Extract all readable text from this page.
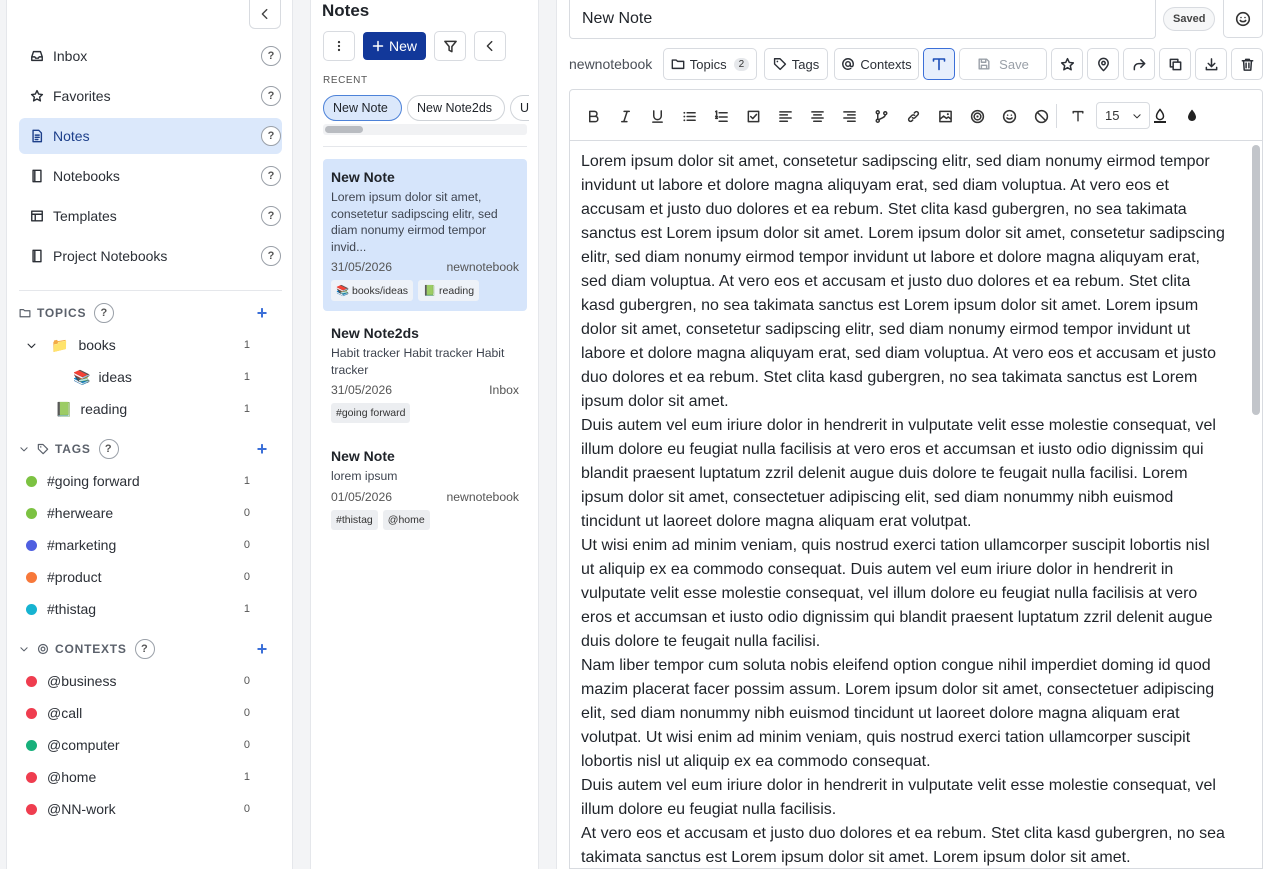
Inbox	?
Favorites	?
Notes	?
Notebooks	?
Templates	?
Project Notebooks	?
TOPICS	?	+
📁 books	1
📚 ideas	1
📗 reading	1
TAGS	?	+
#going forward	1
#herweare	0
#marketing	0
#product	0
#thistag	1
CONTEXTS	?	+
@business	0
@call	0
@computer	0
@home	1
@NN-work	0
Notes
New
RECENT
New Note	New Note2ds	U
New Note
Lorem ipsum dolor sit amet, consetetur sadipscing elitr, sed diam nonumy eirmod tempor invid...
31/05/2026	newnotebook
📚 books/ideas	📗 reading
New Note2ds
Habit tracker Habit tracker Habit tracker
31/05/2026	Inbox
#going forward
New Note
lorem ipsum
01/05/2026	newnotebook
#thistag	@home
New Note
Saved
newnotebook	Topics	2	Tags	Contexts	Save
15

Lorem ipsum dolor sit amet, consetetur sadipscing elitr, sed diam nonumy eirmod tempor invidunt ut labore et dolore magna aliquyam erat, sed diam voluptua. At vero eos et accusam et justo duo dolores et ea rebum. Stet clita kasd gubergren, no sea takimata sanctus est Lorem ipsum dolor sit amet. Lorem ipsum dolor sit amet, consetetur sadipscing elitr, sed diam nonumy eirmod tempor invidunt ut labore et dolore magna aliquyam erat, sed diam voluptua. At vero eos et accusam et justo duo dolores et ea rebum. Stet clita kasd gubergren, no sea takimata sanctus est Lorem ipsum dolor sit amet. Lorem ipsum dolor sit amet, consetetur sadipscing elitr, sed diam nonumy eirmod tempor invidunt ut labore et dolore magna aliquyam erat, sed diam voluptua. At vero eos et accusam et justo duo dolores et ea rebum. Stet clita kasd gubergren, no sea takimata sanctus est Lorem ipsum dolor sit amet.

Duis autem vel eum iriure dolor in hendrerit in vulputate velit esse molestie consequat, vel illum dolore eu feugiat nulla facilisis at vero eros et accumsan et iusto odio dignissim qui blandit praesent luptatum zzril delenit augue duis dolore te feugait nulla facilisi. Lorem ipsum dolor sit amet, consectetuer adipiscing elit, sed diam nonummy nibh euismod tincidunt ut laoreet dolore magna aliquam erat volutpat.

Ut wisi enim ad minim veniam, quis nostrud exerci tation ullamcorper suscipit lobortis nisl ut aliquip ex ea commodo consequat. Duis autem vel eum iriure dolor in hendrerit in vulputate velit esse molestie consequat, vel illum dolore eu feugiat nulla facilisis at vero eros et accumsan et iusto odio dignissim qui blandit praesent luptatum zzril delenit augue duis dolore te feugait nulla facilisi.

Nam liber tempor cum soluta nobis eleifend option congue nihil imperdiet doming id quod mazim placerat facer possim assum. Lorem ipsum dolor sit amet, consectetuer adipiscing elit, sed diam nonummy nibh euismod tincidunt ut laoreet dolore magna aliquam erat volutpat. Ut wisi enim ad minim veniam, quis nostrud exerci tation ullamcorper suscipit lobortis nisl ut aliquip ex ea commodo consequat.

Duis autem vel eum iriure dolor in hendrerit in vulputate velit esse molestie consequat, vel illum dolore eu feugiat nulla facilisis.

At vero eos et accusam et justo duo dolores et ea rebum. Stet clita kasd gubergren, no sea takimata sanctus est Lorem ipsum dolor sit amet. Lorem ipsum dolor sit amet.
